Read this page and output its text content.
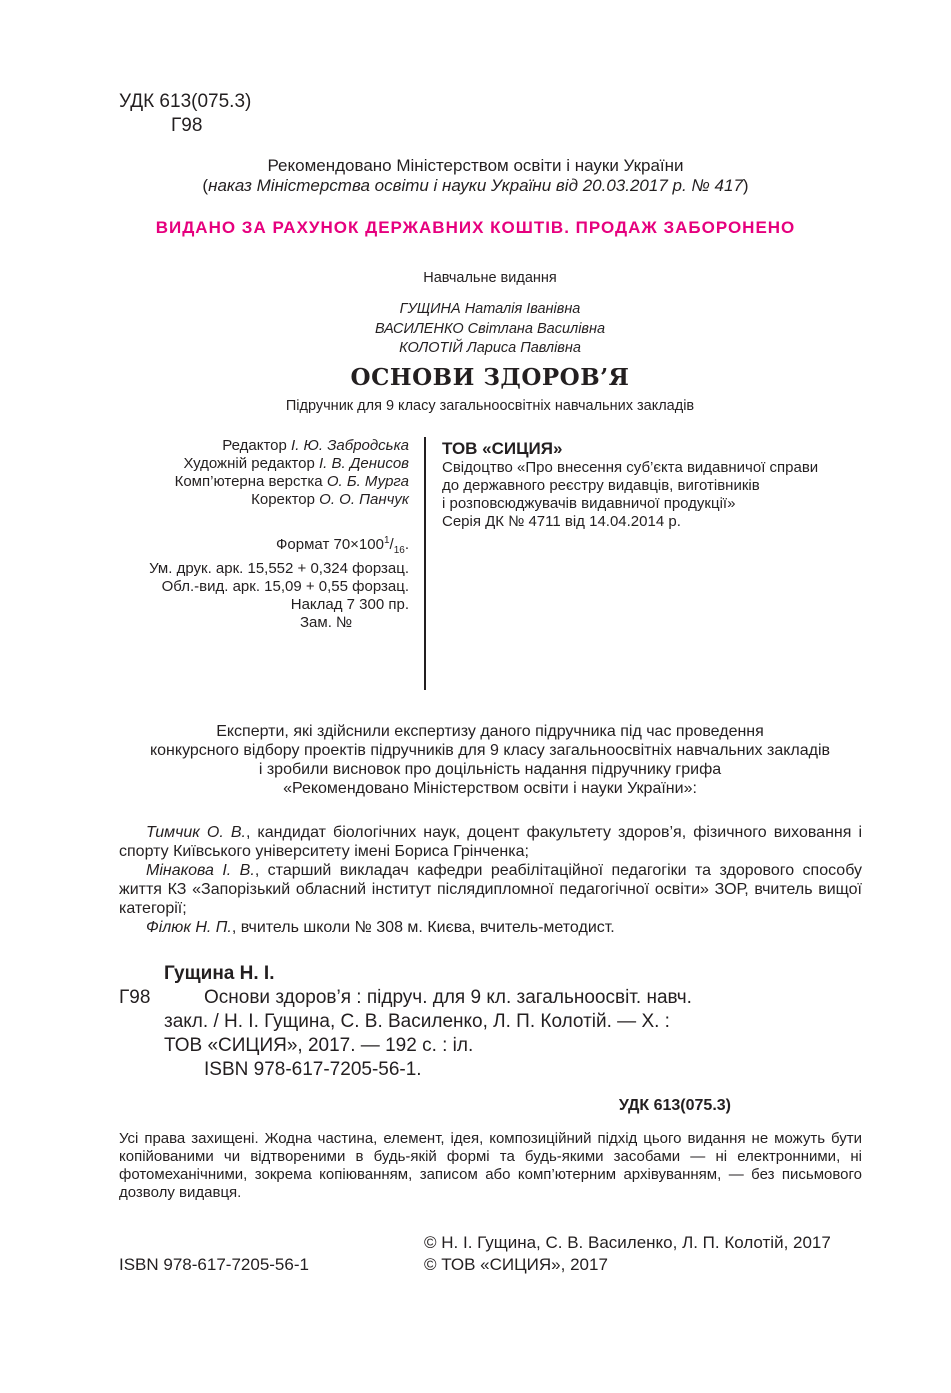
УДК 613(075.3)
Г98
Рекомендовано Міністерством освіти і науки України
(наказ Міністерства освіти і науки України від 20.03.2017 р. № 417)
ВИДАНО ЗА РАХУНОК ДЕРЖАВНИХ КОШТІВ. ПРОДАЖ ЗАБОРОНЕНО
Навчальне видання
ГУЩИНА Наталія Іванівна
ВАСИЛЕНКО Світлана Василівна
КОЛОТІЙ Лариса Павлівна
ОСНОВИ ЗДОРОВ’Я
Підручник для 9 класу загальноосвітніх навчальних закладів
Редактор І. Ю. Забродська
Художній редактор І. В. Денисов
Комп’ютерна верстка О. Б. Мурга
Коректор О. О. Панчук
Формат $70\times 100^1/_{16}$.
Ум. друк. арк. 15,552 + 0,324 форзац.
Обл.-вид. арк. 15,09 + 0,55 форзац.
Наклад 7 300 пр.
Зам. №
ТОВ «СИЦИЯ»
Свідоцтво «Про внесення суб’єкта видавничої справи
до державного реєстру видавців, виготівників
і розповсюджувачів видавничої продукції»
Серія ДК № 4711 від 14.04.2014 р.
Експерти, які здійснили експертизу даного підручника під час проведення
конкурсного відбору проектів підручників для 9 класу загальноосвітніх навчальних закладів
і зробили висновок про доцільність надання підручнику грифа
«Рекомендовано Міністерством освіти і науки України»:

Тимчик О. В., кандидат біологічних наук, доцент факультету здоров’я, фізичного виховання і спорту Київського університету імені Бориса Грінченка;

Мінакова І. В., старший викладач кафедри реабілітаційної педагогіки та здорового способу життя КЗ «Запорізький обласний інститут післядипломної педагогічної освіти» ЗОР, вчитель вищої категорії;

Філюк Н. П., вчитель школи № 308 м. Києва, вчитель-методист.

Гущина Н. І.
Г98	Основи здоров’я : підруч. для 9 кл. загальноосвіт. навч.
закл. / Н. І. Гущина, С. В. Василенко, Л. П. Колотій. — Х. :
ТОВ «СИЦИЯ», 2017. — 192 с. : іл.
ISBN 978-617-7205-56-1.
УДК 613(075.3)
Усі права захищені. Жодна частина, елемент, ідея, композиційний підхід цього видання не можуть бути копійованими чи відтвореними в будь-якій формі та будь-якими засобами — ні електронними, ні фотомеханічними, зокрема копіюванням, записом або комп’ютерним архівуванням, — без письмового дозволу видавця.
© Н. І. Гущина, С. В. Василенко, Л. П. Колотій, 2017
© ТОВ «СИЦИЯ», 2017
ISBN 978-617-7205-56-1
